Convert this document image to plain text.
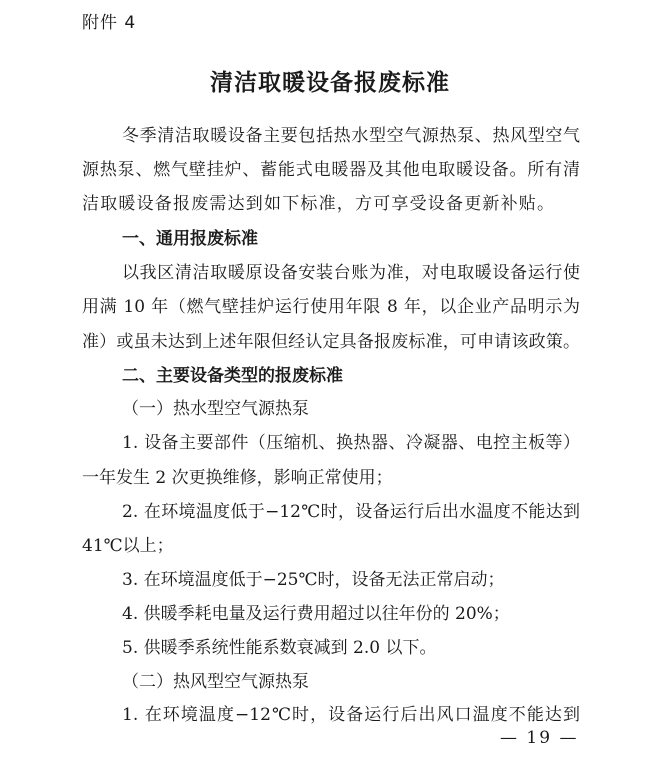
附件 4
清洁取暖设备报废标准
冬季清洁取暖设备主要包括热水型空气源热泵、热风型空气
源热泵、燃气壁挂炉、蓄能式电暖器及其他电取暖设备。所有清
洁取暖设备报废需达到如下标准，方可享受设备更新补贴。
一、通用报废标准
以我区清洁取暖原设备安装台账为准，对电取暖设备运行使
用满 10 年（燃气壁挂炉运行使用年限 8 年，以企业产品明示为
准）或虽未达到上述年限但经认定具备报废标准，可申请该政策。
二、主要设备类型的报废标准
（一）热水型空气源热泵
1. 设备主要部件（压缩机、换热器、冷凝器、电控主板等）
一年发生 2 次更换维修，影响正常使用；
2. 在环境温度低于−12℃时，设备运行后出水温度不能达到
41℃以上；
3. 在环境温度低于−25℃时，设备无法正常启动；
4. 供暖季耗电量及运行费用超过以往年份的 20%；
5. 供暖季系统性能系数衰减到 2.0 以下。
（二）热风型空气源热泵
1. 在环境温度−12℃时，设备运行后出风口温度不能达到
— 19 —
